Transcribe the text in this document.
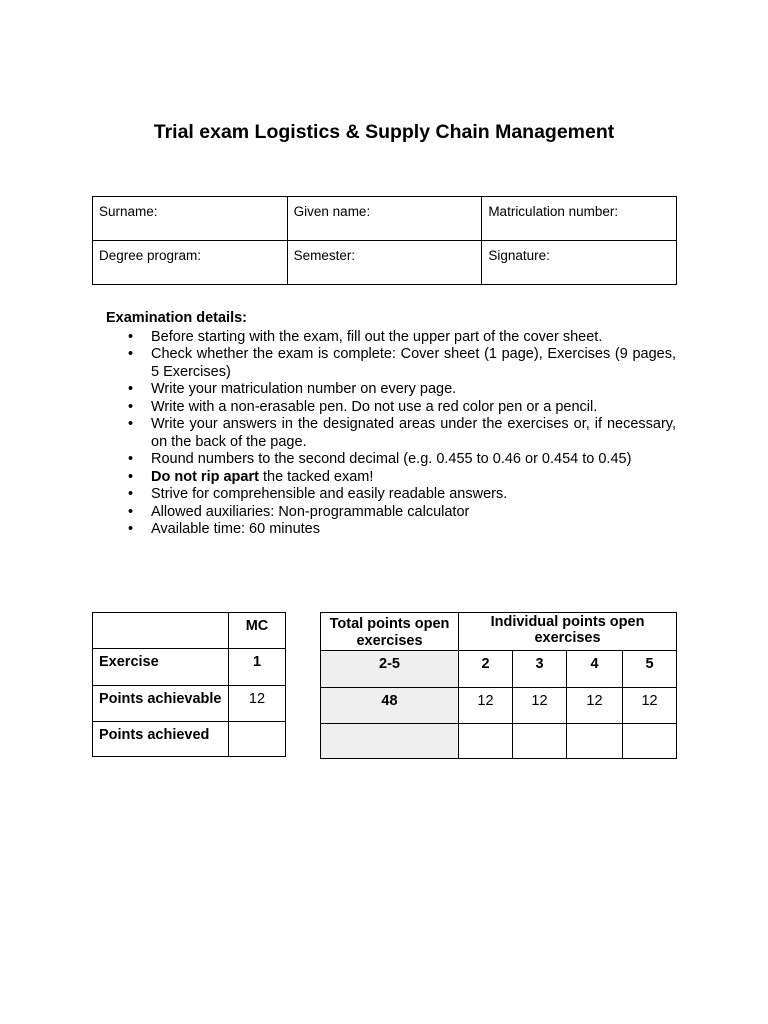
Trial exam Logistics & Supply Chain Management
Surname:	Given name:	Matriculation number:
Degree program:	Semester:	Signature:
Examination details:
• Before starting with the exam, fill out the upper part of the cover sheet.
• Check whether the exam is complete: Cover sheet (1 page), Exercises (9 pages, 5 Exercises)
• Write your matriculation number on every page.
• Write with a non-erasable pen. Do not use a red color pen or a pencil.
• Write your answers in the designated areas under the exercises or, if necessary, on the back of the page.
• Round numbers to the second decimal (e.g. 0.455 to 0.46 or 0.454 to 0.45)
• Do not rip apart the tacked exam!
• Strive for comprehensible and easily readable answers.
• Allowed auxiliaries: Non-programmable calculator
• Available time: 60 minutes
	MC
Exercise	1
Points achievable	12
Points achieved	
Total points open exercises	Individual points open exercises			
2-5	2	3	4	5
48	12	12	12	12
